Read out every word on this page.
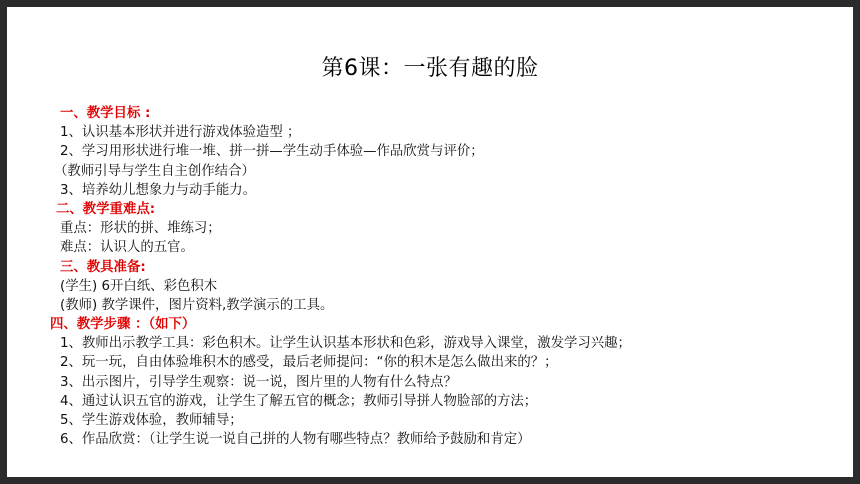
第6课：一张有趣的脸
一、教学目标 :
1、认识基本形状并进行游戏体验造型 ；
2、学习用形状进行堆一堆、拼一拼—学生动手体验—作品欣赏与评价；
（教师引导与学生自主创作结合）
3、培养幼儿想象力与动手能力。
二、教学重难点:
重点：形状的拼、堆练习；
难点：认识人的五官。
三、教具准备:
(学生) 6开白纸、彩色积木
(教师) 教学课件，图片资料,教学演示的工具。
四、教学步骤 ：（如下）
1、教师出示教学工具：彩色积木。让学生认识基本形状和色彩，游戏导入课堂，激发学习兴趣；
2、玩一玩，自由体验堆积木的感受，最后老师提问：“你的积木是怎么做出来的？；
3、出示图片，引导学生观察：说一说，图片里的人物有什么特点？
4、通过认识五官的游戏，让学生了解五官的概念；教师引导拼人物脸部的方法；
5、学生游戏体验，教师辅导；
6、作品欣赏：（让学生说一说自己拼的人物有哪些特点？教师给予鼓励和肯定）
